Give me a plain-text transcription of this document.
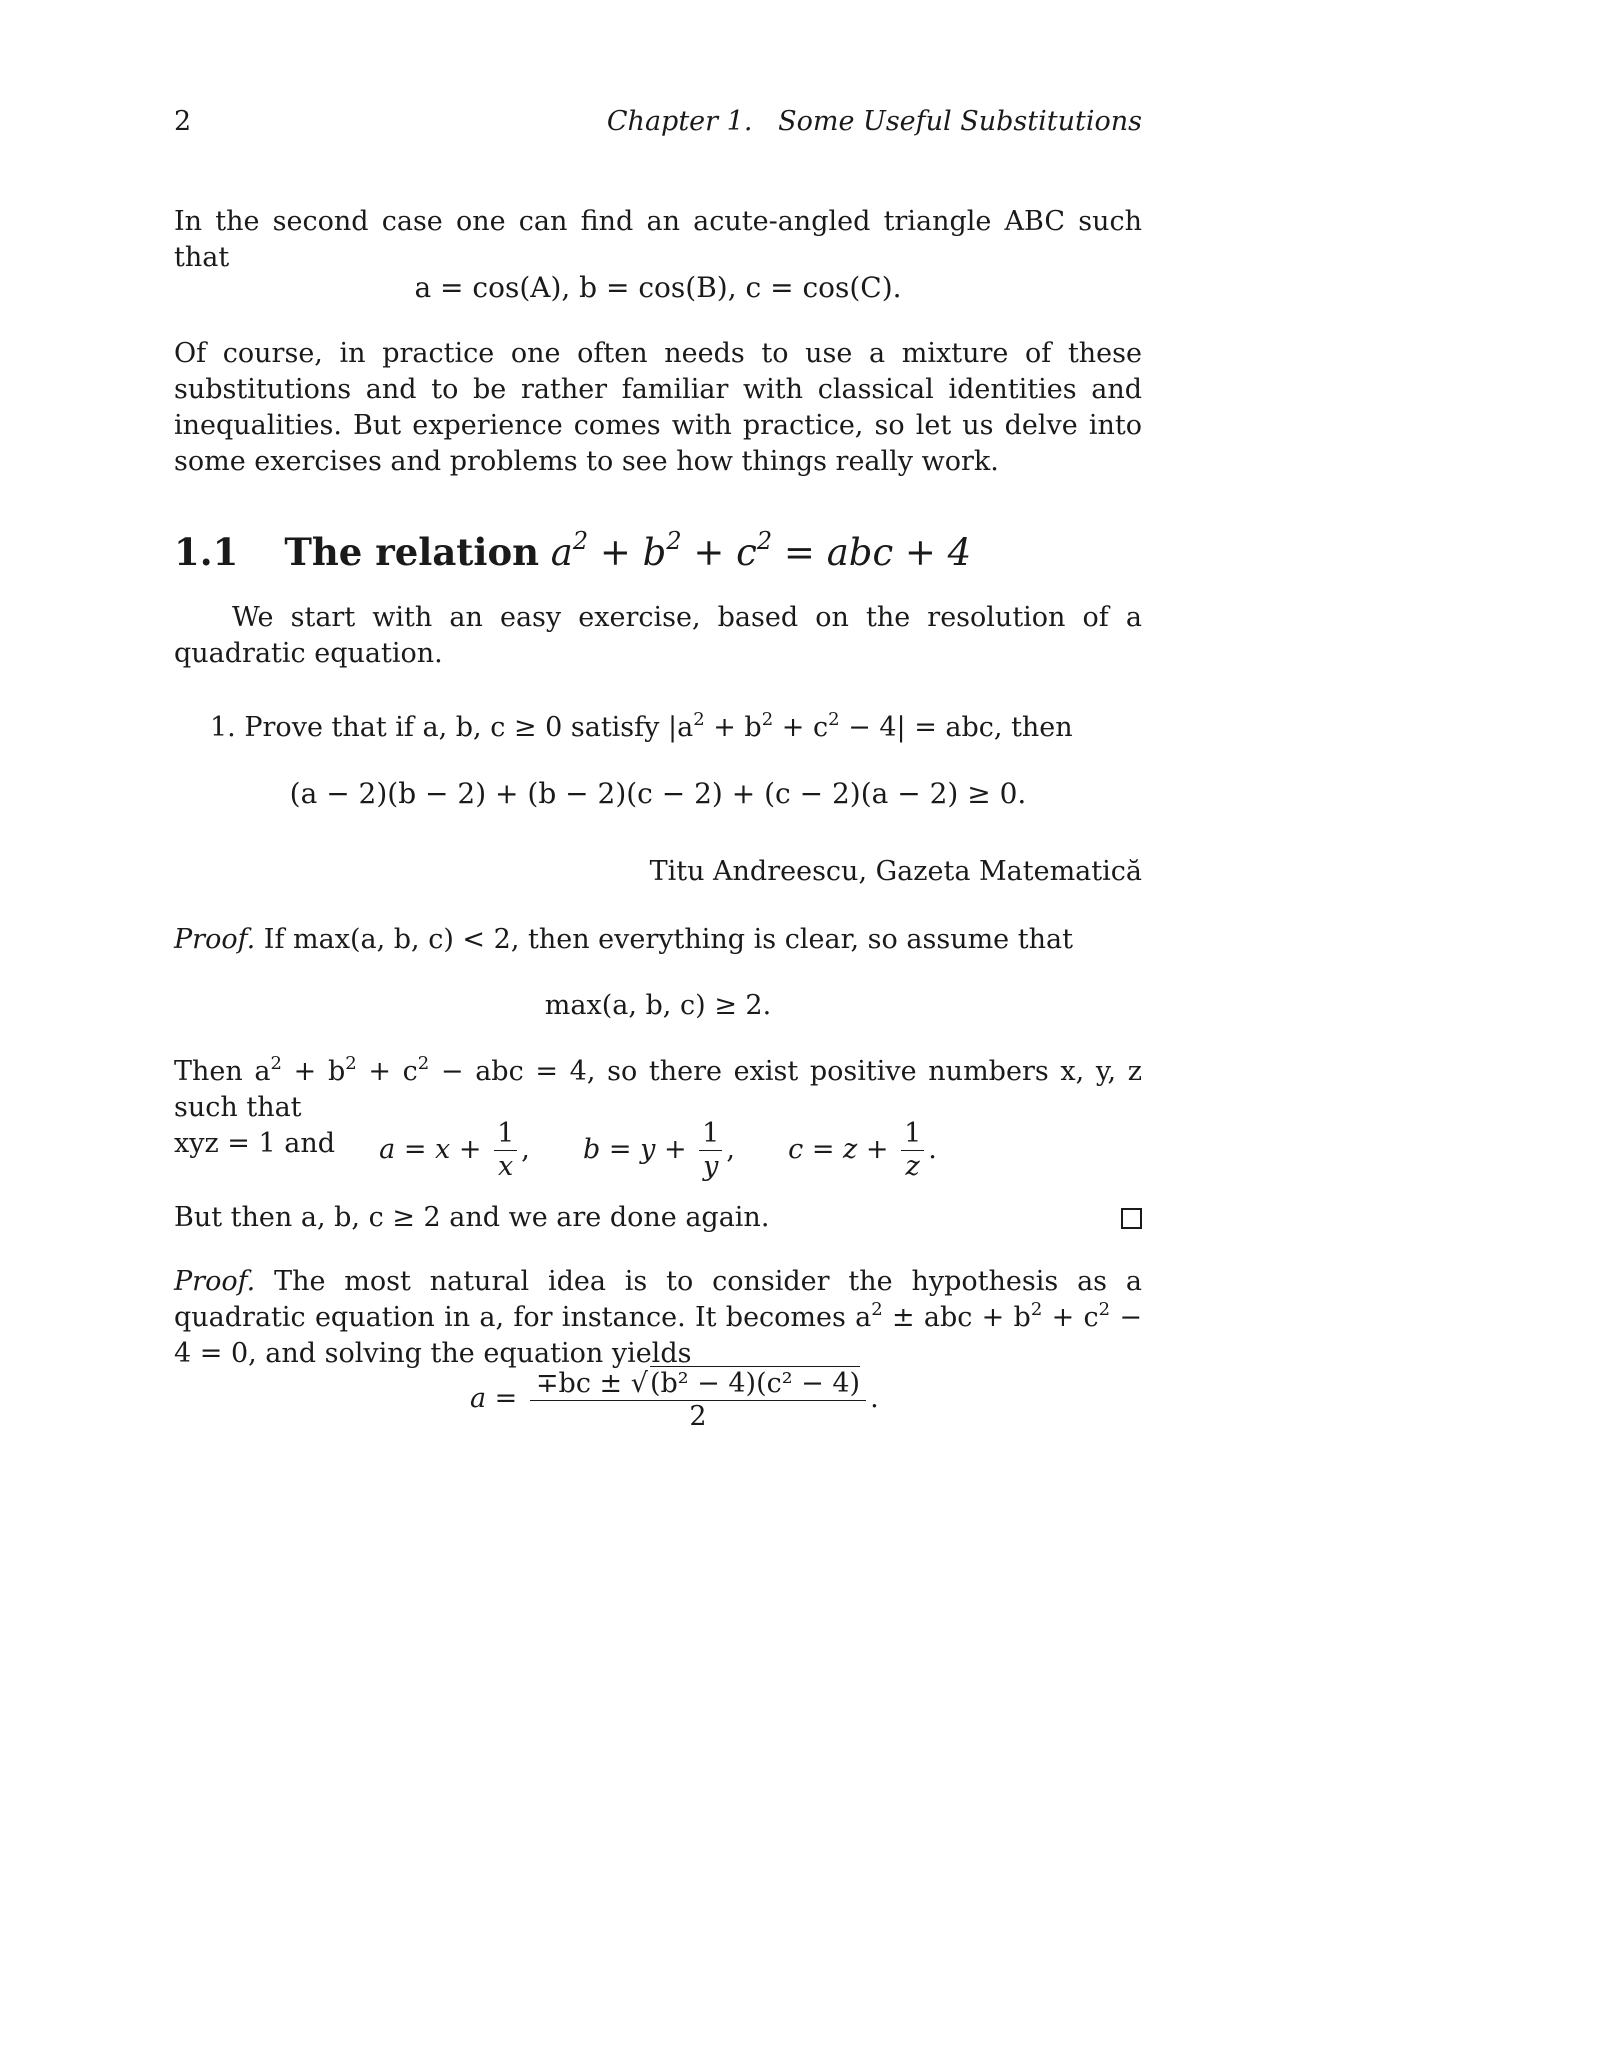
2	Chapter 1.   Some Useful Substitutions
In the second case one can find an acute-angled triangle ABC such that
a = cos(A), b = cos(B), c = cos(C).
Of course, in practice one often needs to use a mixture of these substitutions and to be rather familiar with classical identities and inequalities. But experience comes with practice, so let us delve into some exercises and problems to see how things really work.
1.1 The relation $a^2 + b^2 + c^2$ = abc + 4
We start with an easy exercise, based on the resolution of a quadratic equation.
1. Prove that if a, b, c ≥ 0 satisfy $|a^2 + b^2 + c^2 - 4|$ = abc, then
(a − 2)(b − 2) + (b − 2)(c − 2) + (c − 2)(a − 2) ≥ 0.
Titu Andreescu, Gazeta Matematică
Proof. If max(a, b, c) < 2, then everything is clear, so assume that
max(a, b, c) ≥ 2.
Then $a^2 + b^2 + c^2$ − abc = 4, so there exist positive numbers x, y, z such that
xyz = 1 and	$a = x + \frac{1}{x}$ , $b = y + \frac{1}{y}$ , $c = z + \frac{1}{z}$ .
But then a, b, c ≥ 2 and we are done again.
Proof. The most natural idea is to consider the hypothesis as a quadratic equation in a, for instance. It becomes $a^2$ ± abc + $b^2 + c^2 - 4 = 0$, and solving the equation yields
$a = \frac{\text{∓bc ± √(b² − 4)(c² − 4)}}{2}$ .
